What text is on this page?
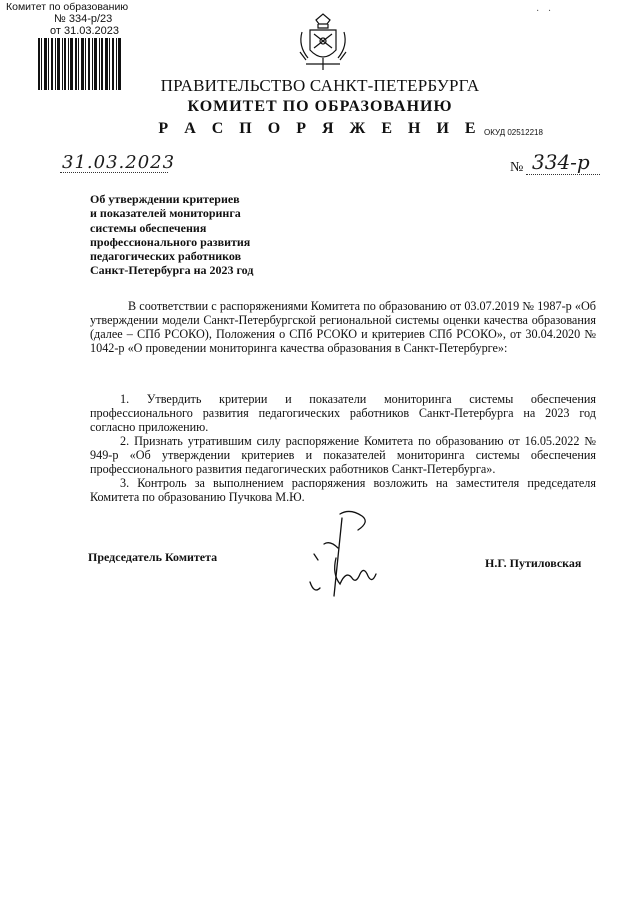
Комитет по образованию
№ 334-р/23
от 31.03.2023
· ·
ПРАВИТЕЛЬСТВО САНКТ-ПЕТЕРБУРГА
КОМИТЕТ ПО ОБРАЗОВАНИЮ
Р А С П О Р Я Ж Е Н И Е ОКУД 02512218
31.03.2023	№ 334-р
Об утверждении критериев
и показателей мониторинга
системы обеспечения
профессионального развития
педагогических работников
Санкт-Петербурга на 2023 год
В соответствии с распоряжениями Комитета по образованию от 03.07.2019 № 1987-р «Об утверждении модели Санкт-Петербургской региональной системы оценки качества образования (далее – СПб РСОКО), Положения о СПб РСОКО и критериев СПб РСОКО», от 30.04.2020 № 1042-р «О проведении мониторинга качества образования в Санкт-Петербурге»:
1. Утвердить критерии и показатели мониторинга системы обеспечения профессионального развития педагогических работников Санкт-Петербурга на 2023 год согласно приложению.
2. Признать утратившим силу распоряжение Комитета по образованию от 16.05.2022 № 949-р «Об утверждении критериев и показателей мониторинга системы обеспечения профессионального развития педагогических работников Санкт-Петербурга».
3. Контроль за выполнением распоряжения возложить на заместителя председателя Комитета по образованию Пучкова М.Ю.
Председатель Комитета	Н.Г. Путиловская
